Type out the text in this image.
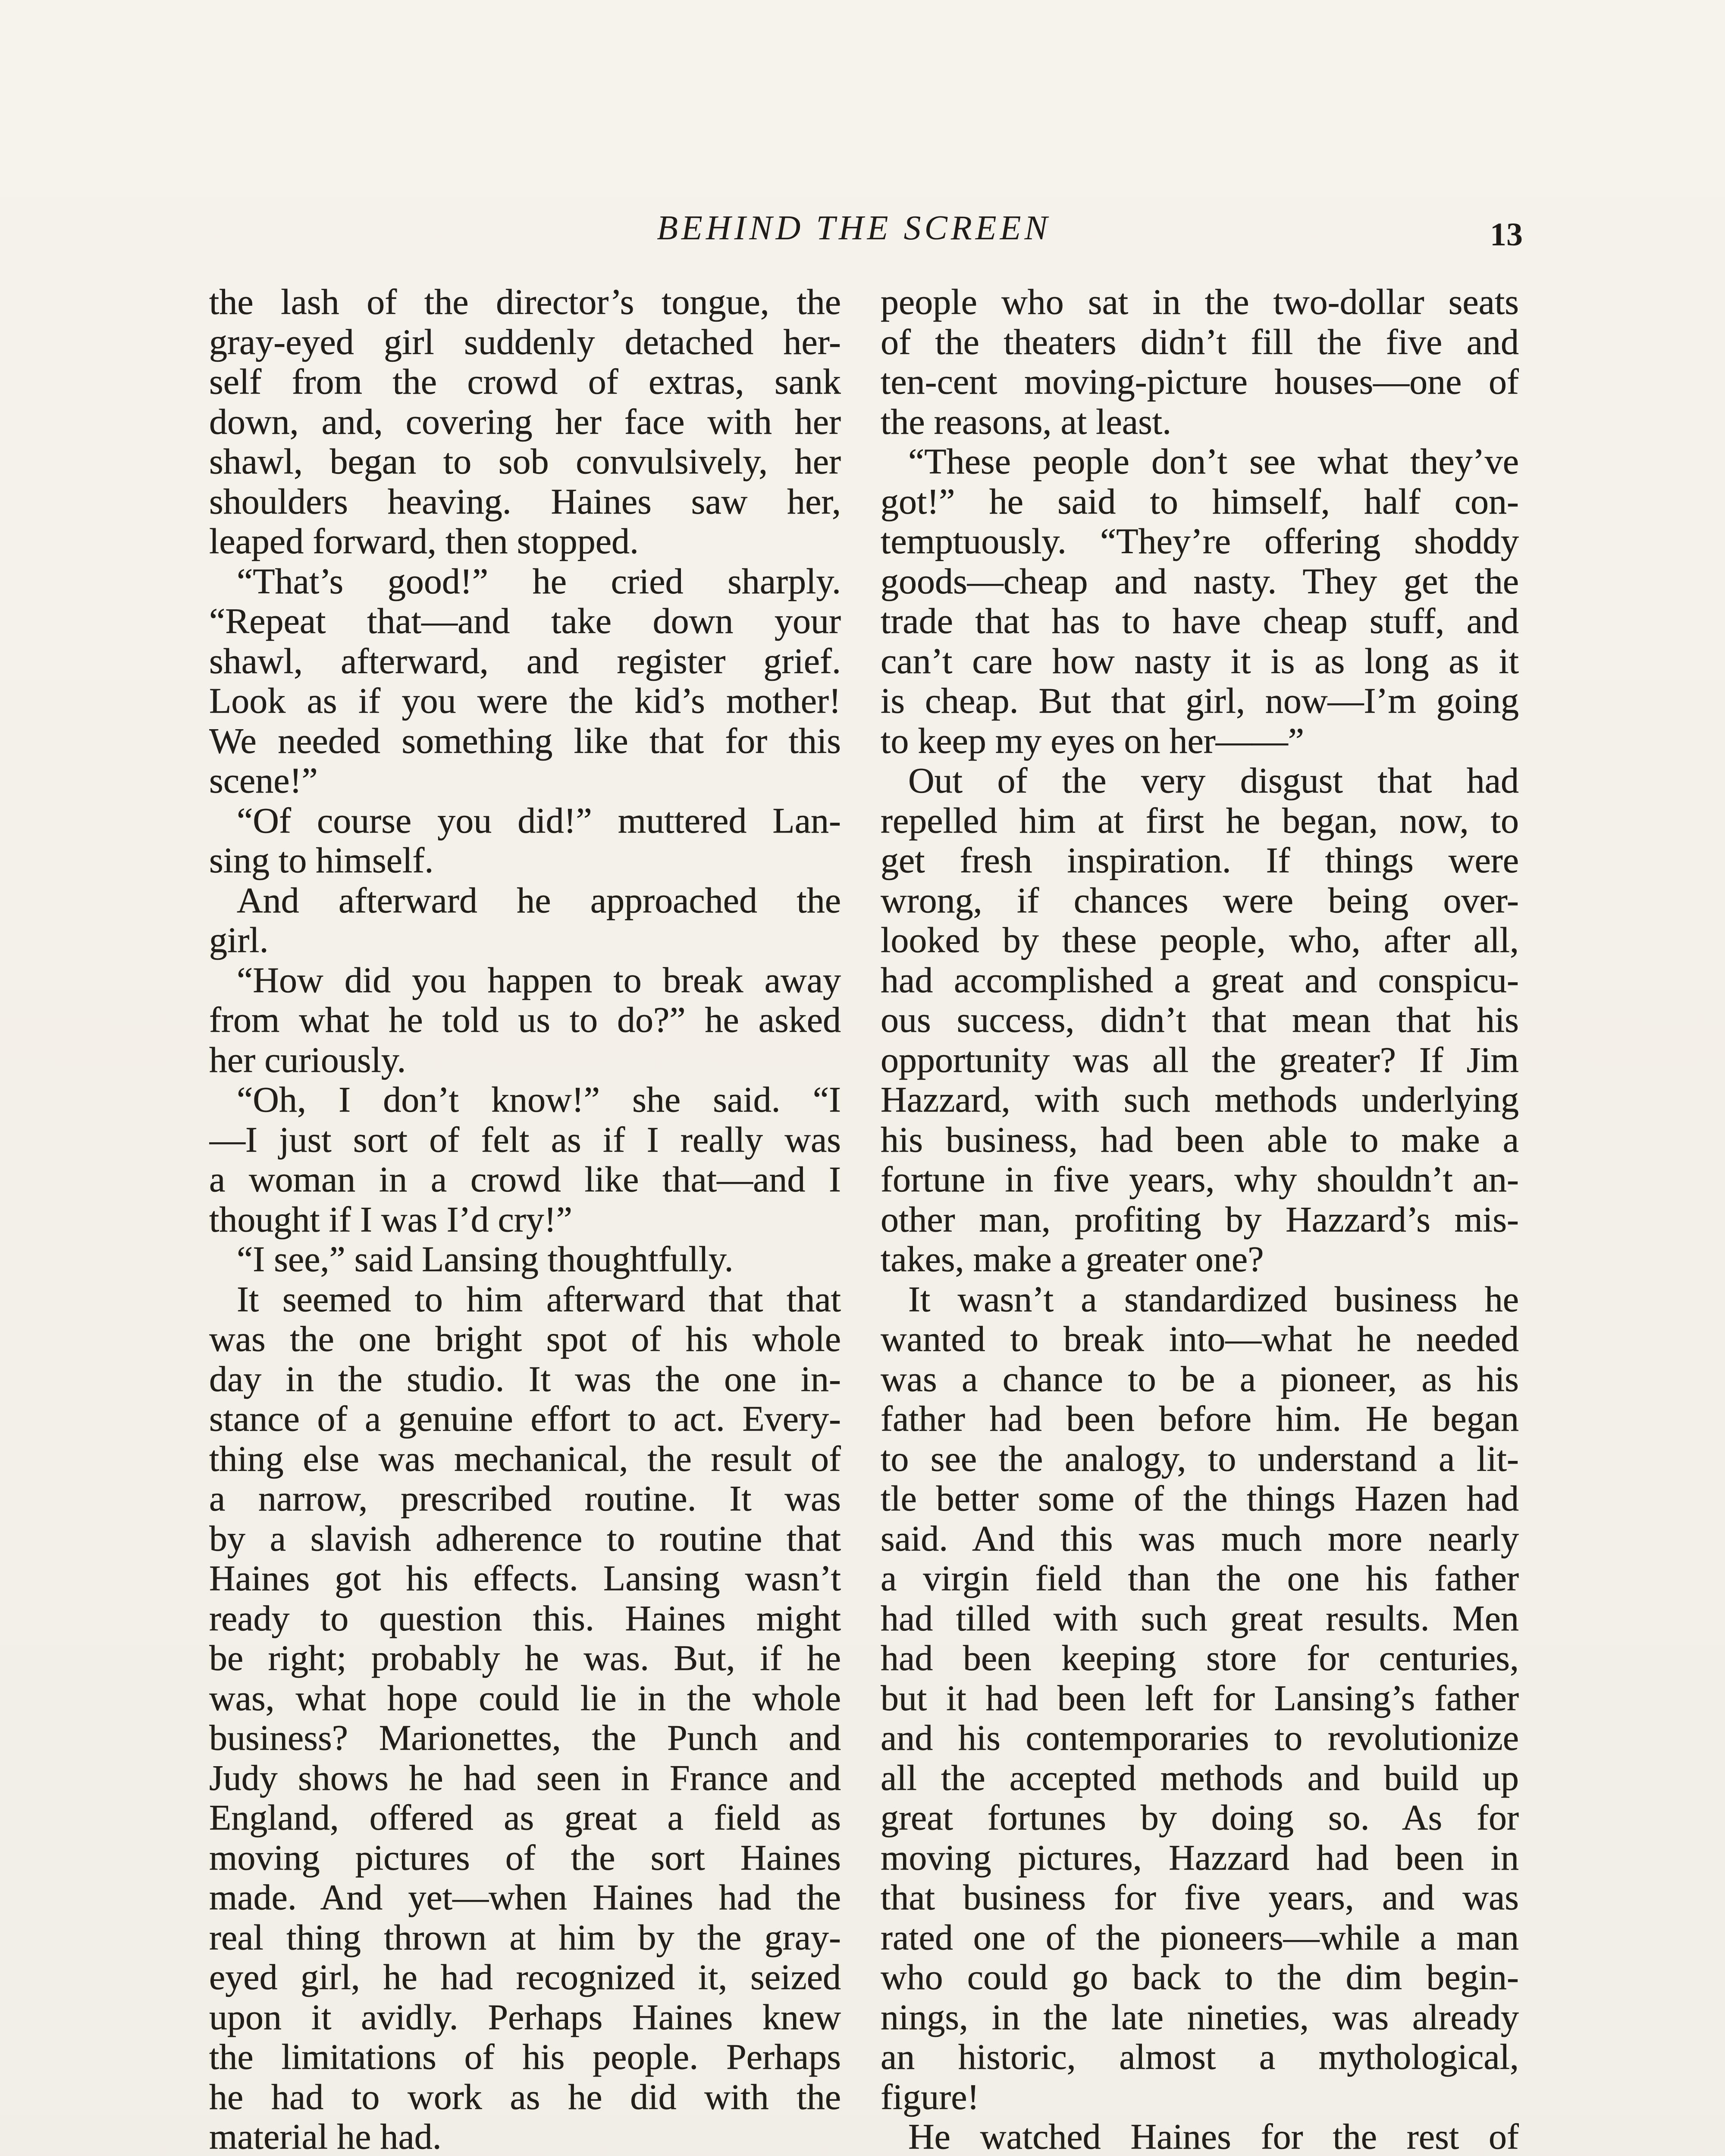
BEHIND THE SCREEN	13
the lash of the director’s tongue, the
gray-eyed girl suddenly detached her-
self from the crowd of extras, sank
down, and, covering her face with her
shawl, began to sob convulsively, her
shoulders heaving. Haines saw her,
leaped forward, then stopped.
“That’s good!” he cried sharply.
“Repeat that—and take down your
shawl, afterward, and register grief.
Look as if you were the kid’s mother!
We needed something like that for this
scene!”
“Of course you did!” muttered Lan-
sing to himself.
And afterward he approached the
girl.
“How did you happen to break away
from what he told us to do?” he asked
her curiously.
“Oh, I don’t know!” she said. “I
—I just sort of felt as if I really was
a woman in a crowd like that—and I
thought if I was I’d cry!”
“I see,” said Lansing thoughtfully.
It seemed to him afterward that that
was the one bright spot of his whole
day in the studio. It was the one in-
stance of a genuine effort to act. Every-
thing else was mechanical, the result of
a narrow, prescribed routine. It was
by a slavish adherence to routine that
Haines got his effects. Lansing wasn’t
ready to question this. Haines might
be right; probably he was. But, if he
was, what hope could lie in the whole
business? Marionettes, the Punch and
Judy shows he had seen in France and
England, offered as great a field as
moving pictures of the sort Haines
made. And yet—when Haines had the
real thing thrown at him by the gray-
eyed girl, he had recognized it, seized
upon it avidly. Perhaps Haines knew
the limitations of his people. Perhaps
he had to work as he did with the
material he had.
people who sat in the two-dollar seats
of the theaters didn’t fill the five and
ten-cent moving-picture houses—one of
the reasons, at least.
“These people don’t see what they’ve
got!” he said to himself, half con-
temptuously. “They’re offering shoddy
goods—cheap and nasty. They get the
trade that has to have cheap stuff, and
can’t care how nasty it is as long as it
is cheap. But that girl, now—I’m going
to keep my eyes on her——”
Out of the very disgust that had
repelled him at first he began, now, to
get fresh inspiration. If things were
wrong, if chances were being over-
looked by these people, who, after all,
had accomplished a great and conspicu-
ous success, didn’t that mean that his
opportunity was all the greater? If Jim
Hazzard, with such methods underlying
his business, had been able to make a
fortune in five years, why shouldn’t an-
other man, profiting by Hazzard’s mis-
takes, make a greater one?
It wasn’t a standardized business he
wanted to break into—what he needed
was a chance to be a pioneer, as his
father had been before him. He began
to see the analogy, to understand a lit-
tle better some of the things Hazen had
said. And this was much more nearly
a virgin field than the one his father
had tilled with such great results. Men
had been keeping store for centuries,
but it had been left for Lansing’s father
and his contemporaries to revolutionize
all the accepted methods and build up
great fortunes by doing so. As for
moving pictures, Hazzard had been in
that business for five years, and was
rated one of the pioneers—while a man
who could go back to the dim begin-
nings, in the late nineties, was already
an historic, almost a mythological,
figure!
He watched Haines for the rest of
